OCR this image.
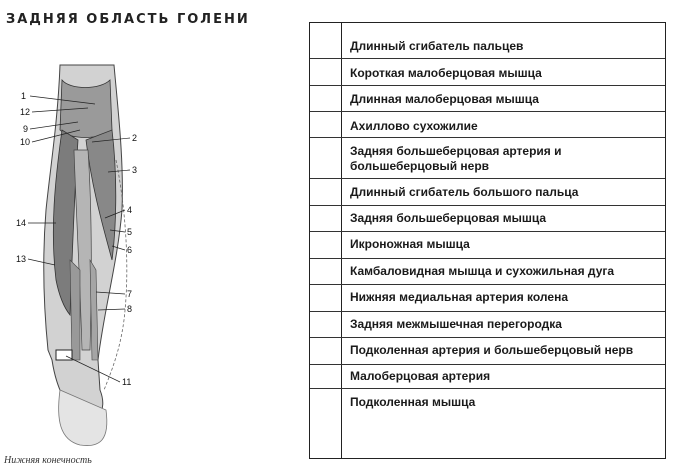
ЗАДНЯЯ ОБЛАСТЬ ГОЛЕНИ
1
12
9
10	2
3
14
4
5
6
13
7
8
11
Нижняя конечность
Длинный сгибатель пальцев
Короткая малоберцовая мышца
Длинная малоберцовая мышца
Ахиллово сухожилие
Задняя большеберцовая артерия и большеберцовый нерв
Длинный сгибатель большого пальца
Задняя большеберцовая мышца
Икроножная мышца
Камбаловидная мышца и сухожильная дуга
Нижняя медиальная артерия колена
Задняя межмышечная перегородка
Подколенная артерия и большеберцовый нерв
Малоберцовая артерия
Подколенная мышца
